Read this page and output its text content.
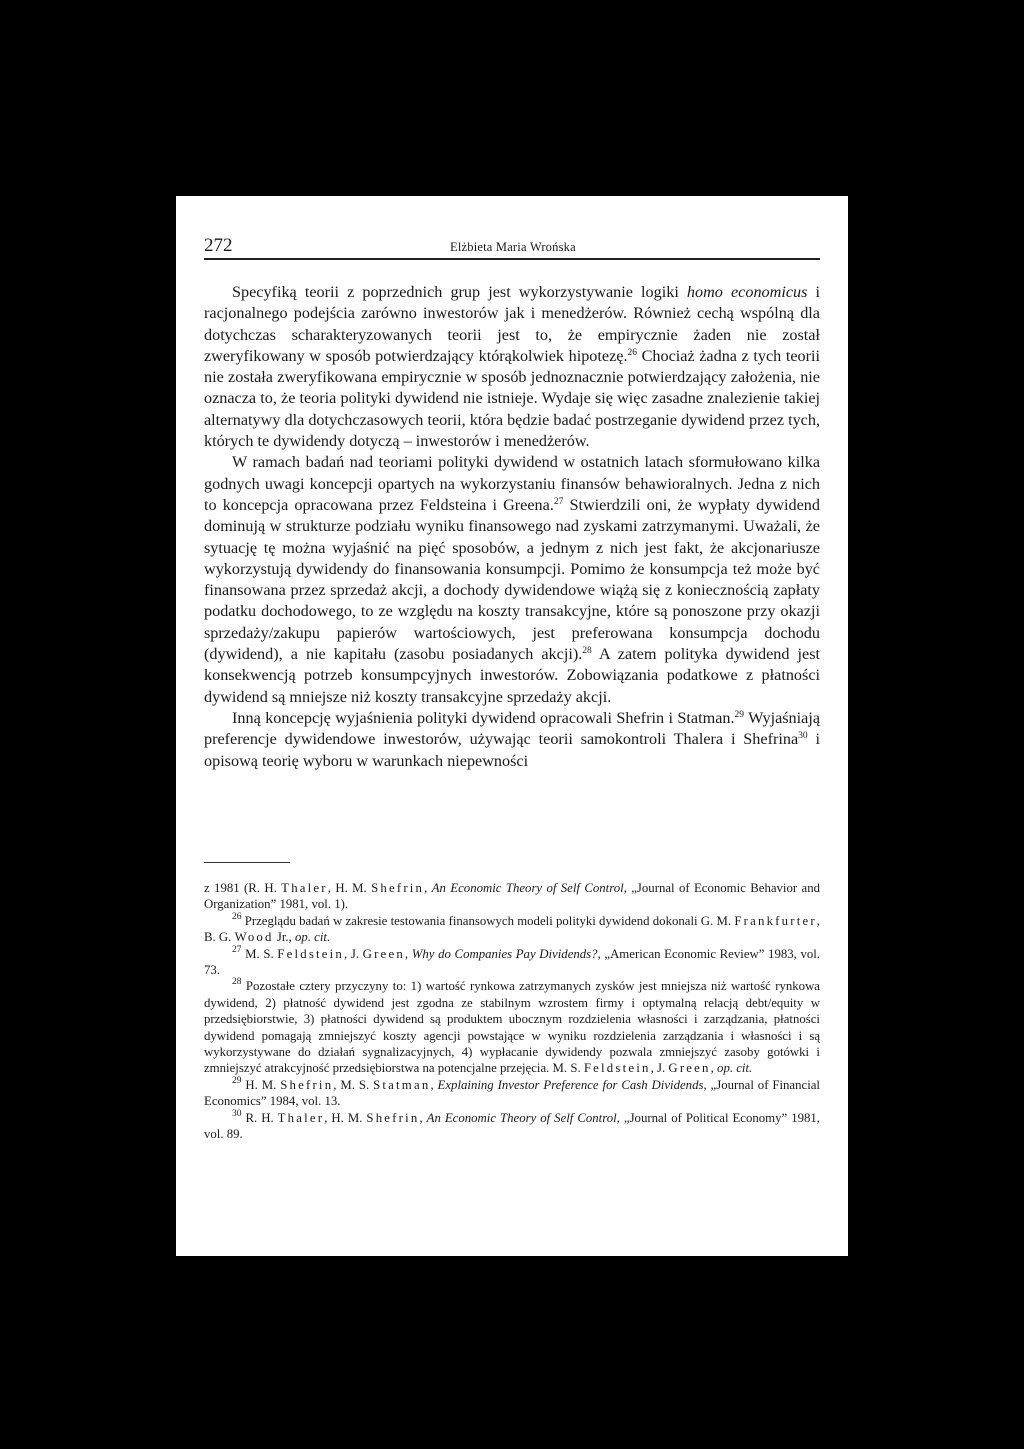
272	Elżbieta Maria Wrońska

Specyfiką teorii z poprzednich grup jest wykorzystywanie logiki homo economicus i racjonalnego podejścia zarówno inwestorów jak i menedżerów. Również cechą wspólną dla dotychczas scharakteryzowanych teorii jest to, że empirycznie żaden nie został zweryfikowany w sposób potwierdzający którąkolwiek hipotezę.$^{26}$ Chociaż żadna z tych teorii nie została zweryfikowana empirycznie w sposób jednoznacznie potwierdzający założenia, nie oznacza to, że teoria polityki dywidend nie istnieje. Wydaje się więc zasadne znalezienie takiej alternatywy dla dotychczasowych teorii, która będzie badać postrzeganie dywidend przez tych, których te dywidendy dotyczą – inwestorów i menedżerów.

W ramach badań nad teoriami polityki dywidend w ostatnich latach sformułowano kilka godnych uwagi koncepcji opartych na wykorzystaniu finansów behawioralnych. Jedna z nich to koncepcja opracowana przez Feldsteina i Greena.$^{27}$ Stwierdzili oni, że wypłaty dywidend dominują w strukturze podziału wyniku finansowego nad zyskami zatrzymanymi. Uważali, że sytuację tę można wyjaśnić na pięć sposobów, a jednym z nich jest fakt, że akcjonariusze wykorzystują dywidendy do finansowania konsumpcji. Pomimo że konsumpcja też może być finansowana przez sprzedaż akcji, a dochody dywidendowe wiążą się z koniecznością zapłaty podatku dochodowego, to ze względu na koszty transakcyjne, które są ponoszone przy okazji sprzedaży/zakupu papierów wartościowych, jest preferowana konsumpcja dochodu (dywidend), a nie kapitału (zasobu posiadanych akcji).$^{28}$ A zatem polityka dywidend jest konsekwencją potrzeb konsumpcyjnych inwestorów. Zobowiązania podatkowe z płatności dywidend są mniejsze niż koszty transakcyjne sprzedaży akcji.

Inną koncepcję wyjaśnienia polityki dywidend opracowali Shefrin i Statman.$^{29}$ Wyjaśniają preferencje dywidendowe inwestorów, używając teorii samokontroli Thalera i Shefrina$^{30}$ i opisową teorię wyboru w warunkach niepewności

z 1981 (R. H. Thaler, H. M. Shefrin, An Economic Theory of Self Control, „Journal of Economic Behavior and Organization” 1981, vol. 1).

$^{26}$ Przeglądu badań w zakresie testowania finansowych modeli polityki dywidend dokonali G. M. Frankfurter, B. G. Wood Jr., op. cit.

$^{27}$ M. S. Feldstein, J. Green, Why do Companies Pay Dividends?, „American Economic Review” 1983, vol. 73.

$^{28}$ Pozostałe cztery przyczyny to: 1) wartość rynkowa zatrzymanych zysków jest mniejsza niż wartość rynkowa dywidend, 2) płatność dywidend jest zgodna ze stabilnym wzrostem firmy i optymalną relacją debt/equity w przedsiębiorstwie, 3) płatności dywidend są produktem ubocznym rozdzielenia własności i zarządzania, płatności dywidend pomagają zmniejszyć koszty agencji powstające w wyniku rozdzielenia zarządzania i własności i są wykorzystywane do działań sygnalizacyjnych, 4) wypłacanie dywidendy pozwala zmniejszyć zasoby gotówki i zmniejszyć atrakcyjność przedsiębiorstwa na potencjalne przejęcia. M. S. Feldstein, J. Green, op. cit.

$^{29}$ H. M. Shefrin, M. S. Statman, Explaining Investor Preference for Cash Dividends, „Journal of Financial Economics” 1984, vol. 13.

$^{30}$ R. H. Thaler, H. M. Shefrin, An Economic Theory of Self Control, „Journal of Political Economy” 1981, vol. 89.
